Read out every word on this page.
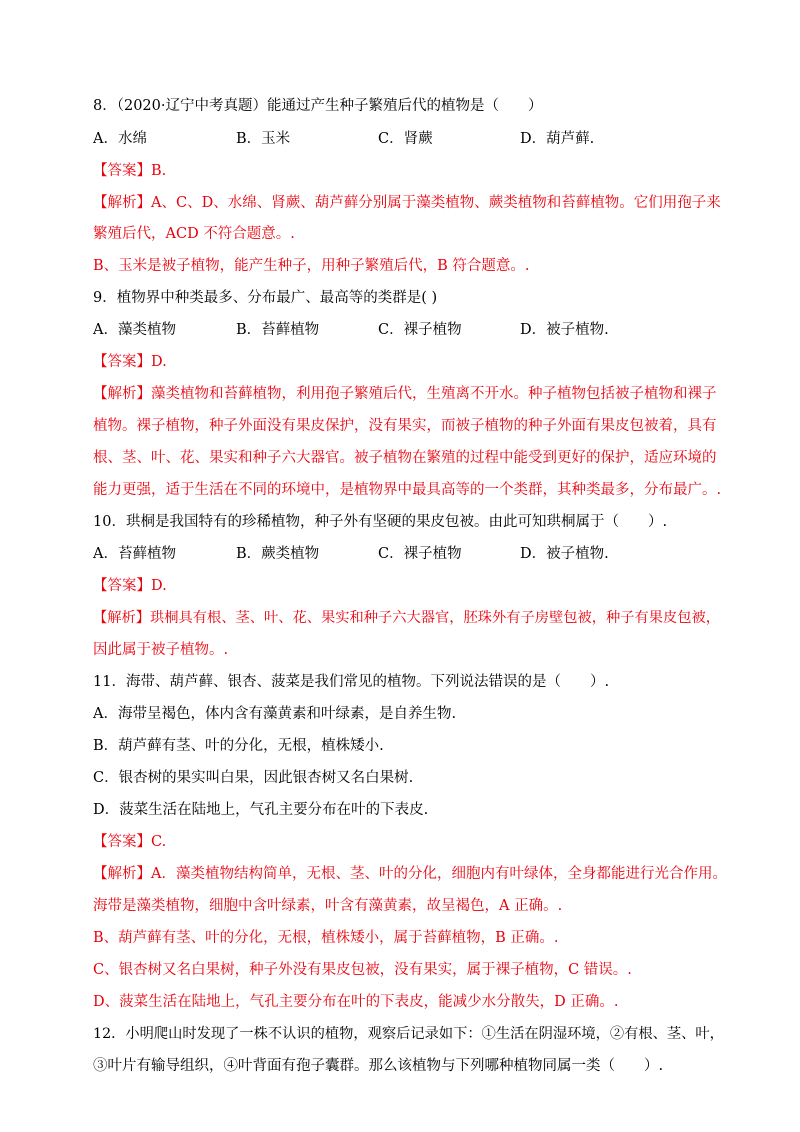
8．（2020·辽宁中考真题）能通过产生种子繁殖后代的植物是（　　）
A．水绵	B．玉米	C．肾蕨	D．葫芦藓.
【答案】B.
【解析】A、C、D、水绵、肾蕨、葫芦藓分别属于藻类植物、蕨类植物和苔藓植物。它们用孢子来
繁殖后代，ACD 不符合题意。.
B、玉米是被子植物，能产生种子，用种子繁殖后代，B 符合题意。.
9．植物界中种类最多、分布最广、最高等的类群是( )
A．藻类植物	B．苔藓植物	C．裸子植物	D．被子植物.
【答案】D.
【解析】藻类植物和苔藓植物，利用孢子繁殖后代，生殖离不开水。种子植物包括被子植物和裸子
植物。裸子植物，种子外面没有果皮保护，没有果实，而被子植物的种子外面有果皮包被着，具有
根、茎、叶、花、果实和种子六大器官。被子植物在繁殖的过程中能受到更好的保护，适应环境的
能力更强，适于生活在不同的环境中，是植物界中最具高等的一个类群，其种类最多，分布最广。.
10．珙桐是我国特有的珍稀植物，种子外有坚硬的果皮包被。由此可知珙桐属于（　　）.
A．苔藓植物	B．蕨类植物	C．裸子植物	D．被子植物.
【答案】D.
【解析】珙桐具有根、茎、叶、花、果实和种子六大器官，胚珠外有子房壁包被，种子有果皮包被，
因此属于被子植物。.
11．海带、葫芦藓、银杏、菠菜是我们常见的植物。下列说法错误的是（　　）.
A．海带呈褐色，体内含有藻黄素和叶绿素，是自养生物.
B．葫芦藓有茎、叶的分化，无根，植株矮小.
C．银杏树的果实叫白果，因此银杏树又名白果树.
D．菠菜生活在陆地上，气孔主要分布在叶的下表皮.
【答案】C.
【解析】A．藻类植物结构简单，无根、茎、叶的分化，细胞内有叶绿体，全身都能进行光合作用。
海带是藻类植物，细胞中含叶绿素，叶含有藻黄素，故呈褐色，A 正确。.
B、葫芦藓有茎、叶的分化，无根，植株矮小，属于苔藓植物，B 正确。.
C、银杏树又名白果树，种子外没有果皮包被，没有果实，属于裸子植物，C 错误。.
D、菠菜生活在陆地上，气孔主要分布在叶的下表皮，能减少水分散失，D 正确。.
12．小明爬山时发现了一株不认识的植物，观察后记录如下：①生活在阴湿环境，②有根、茎、叶，
③叶片有输导组织，④叶背面有孢子囊群。那么该植物与下列哪种植物同属一类（　　）.
